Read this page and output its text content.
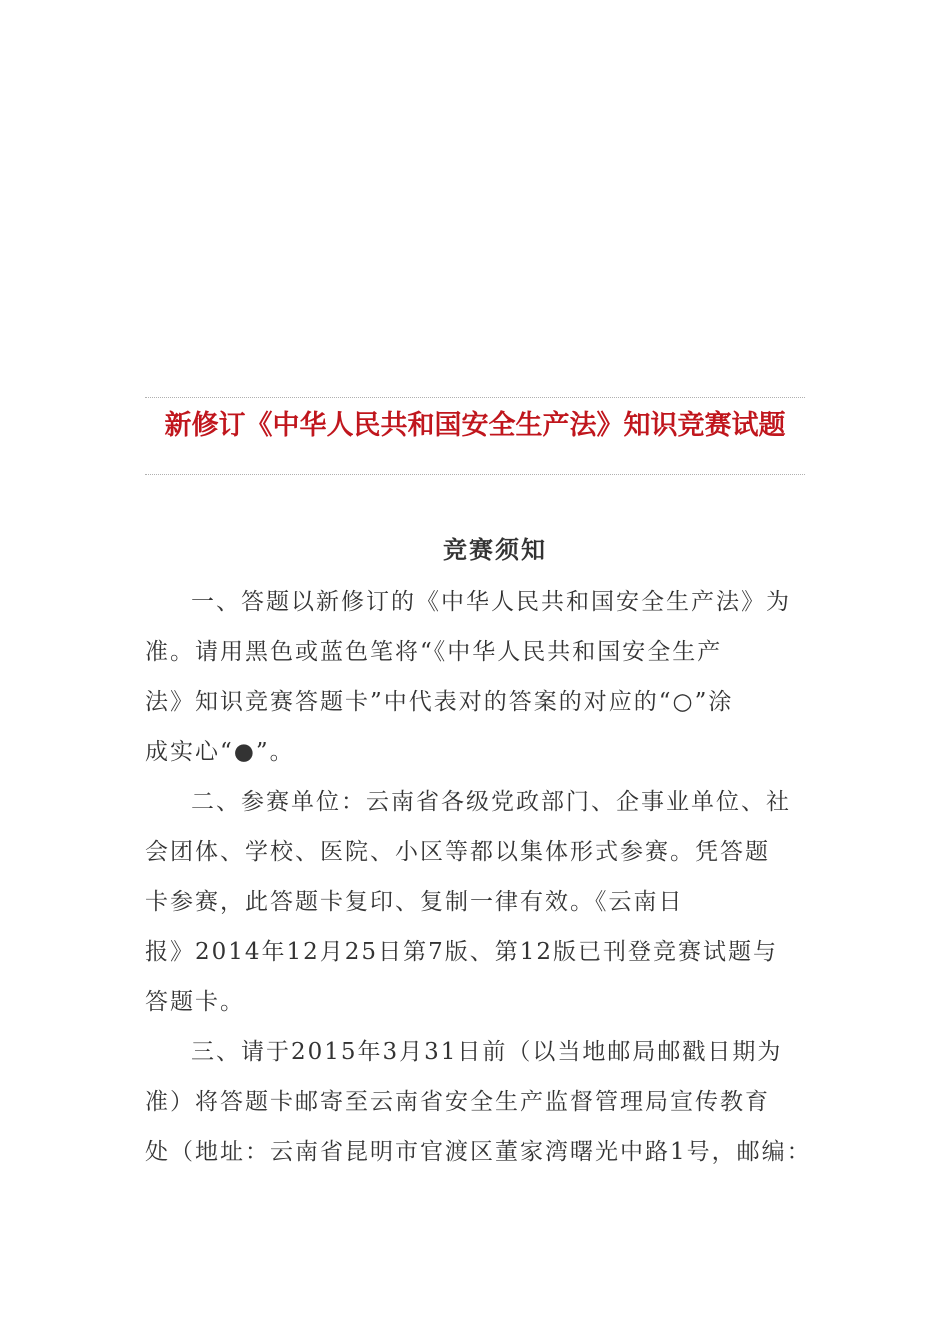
新修订《中华人民共和国安全生产法》知识竞赛试题
竞赛须知
一、答题以新修订的《中华人民共和国安全生产法》为
准。请用黑色或蓝色笔将“《中华人民共和国安全生产
法》知识竞赛答题卡”中代表对的答案的对应的“○”涂
成实心“●”。
二、参赛单位：云南省各级党政部门、企事业单位、社
会团体、学校、医院、小区等都以集体形式参赛。凭答题
卡参赛，此答题卡复印、复制一律有效。《云南日
报》2014年12月25日第7版、第12版已刊登竞赛试题与
答题卡。
三、请于2015年3月31日前（以当地邮局邮戳日期为
准）将答题卡邮寄至云南省安全生产监督管理局宣传教育
处（地址：云南省昆明市官渡区董家湾曙光中路1号，邮编：
